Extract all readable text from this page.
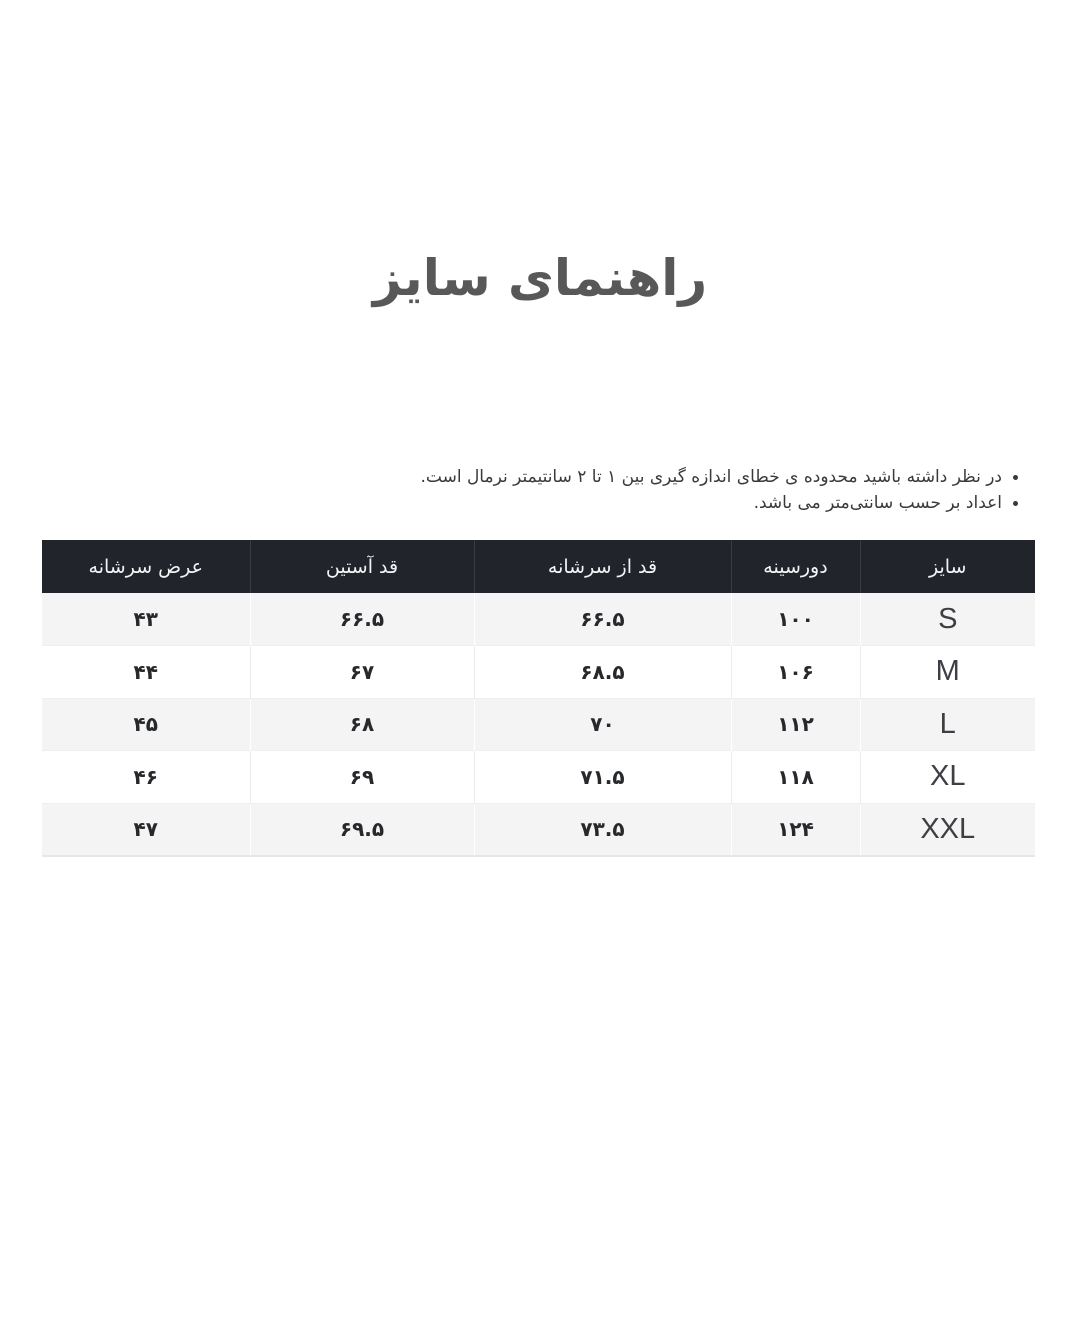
راهنمای سایز
• در نظر داشته باشید محدوده ی خطای اندازه گیری بین ۱ تا ۲ سانتیمتر نرمال است.
• اعداد بر حسب سانتی‌متر می باشد.
سایز	دورسینه	قد از سرشانه	قد آستین	عرض سرشانه
S	۱۰۰	۶۶.۵	۶۶.۵	۴۳
M	۱۰۶	۶۸.۵	۶۷	۴۴
L	۱۱۲	۷۰	۶۸	۴۵
XL	۱۱۸	۷۱.۵	۶۹	۴۶
XXL	۱۲۴	۷۳.۵	۶۹.۵	۴۷
